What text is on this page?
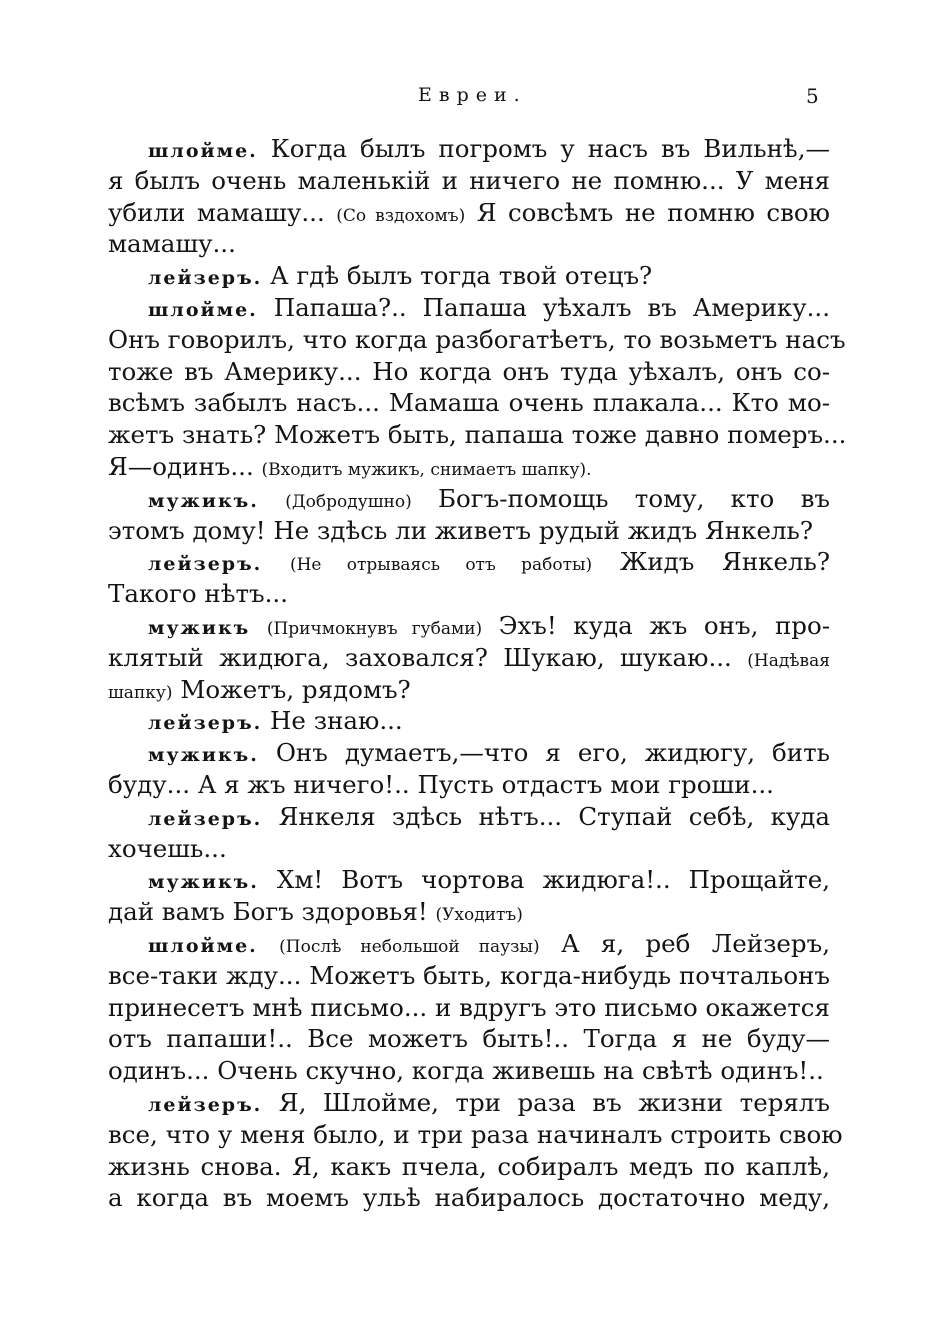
Евреи.	5
шлойме. Когда былъ погромъ у насъ въ Вильнѣ,—
я былъ очень маленькій и ничего не помню... У меня
убили мамашу... (Со вздохомъ) Я совсѣмъ не помню свою
мамашу...
лейзеръ. А гдѣ былъ тогда твой отецъ?
шлойме. Папаша?.. Папаша уѣхалъ въ Америку...
Онъ говорилъ, что когда разбогатѣетъ, то возьметъ насъ
тоже въ Америку... Но когда онъ туда уѣхалъ, онъ со-
всѣмъ забылъ насъ... Мамаша очень плакала... Кто мо-
жетъ знать? Можетъ быть, папаша тоже давно померъ...
Я—одинъ... (Входитъ мужикъ, снимаетъ шапку).
мужикъ. (Добродушно) Богъ-помощь тому, кто въ
этомъ дому! Не здѣсь ли живетъ рудый жидъ Янкель?
лейзеръ. (Не отрываясь отъ работы) Жидъ Янкель?
Такого нѣтъ...
мужикъ (Причмокнувъ губами) Эхъ! куда жъ онъ, про-
клятый жидюга, заховался? Шукаю, шукаю... (Надѣвая
шапку) Можетъ, рядомъ?
лейзеръ. Не знаю...
мужикъ. Онъ думаетъ,—что я его, жидюгу, бить
буду... А я жъ ничего!.. Пусть отдастъ мои гроши...
лейзеръ. Янкеля здѣсь нѣтъ... Ступай себѣ, куда
хочешь...
мужикъ. Хм! Вотъ чортова жидюга!.. Прощайте,
дай вамъ Богъ здоровья! (Уходитъ)
шлойме. (Послѣ небольшой паузы) А я, реб Лейзеръ,
все-таки жду... Можетъ быть, когда-нибудь почтальонъ
принесетъ мнѣ письмо... и вдругъ это письмо окажется
отъ папаши!.. Все можетъ быть!.. Тогда я не буду—
одинъ... Очень скучно, когда живешь на свѣтѣ одинъ!..
лейзеръ. Я, Шлойме, три раза въ жизни терялъ
все, что у меня было, и три раза начиналъ строить свою
жизнь снова. Я, какъ пчела, собиралъ медъ по каплѣ,
а когда въ моемъ ульѣ набиралось достаточно меду,
